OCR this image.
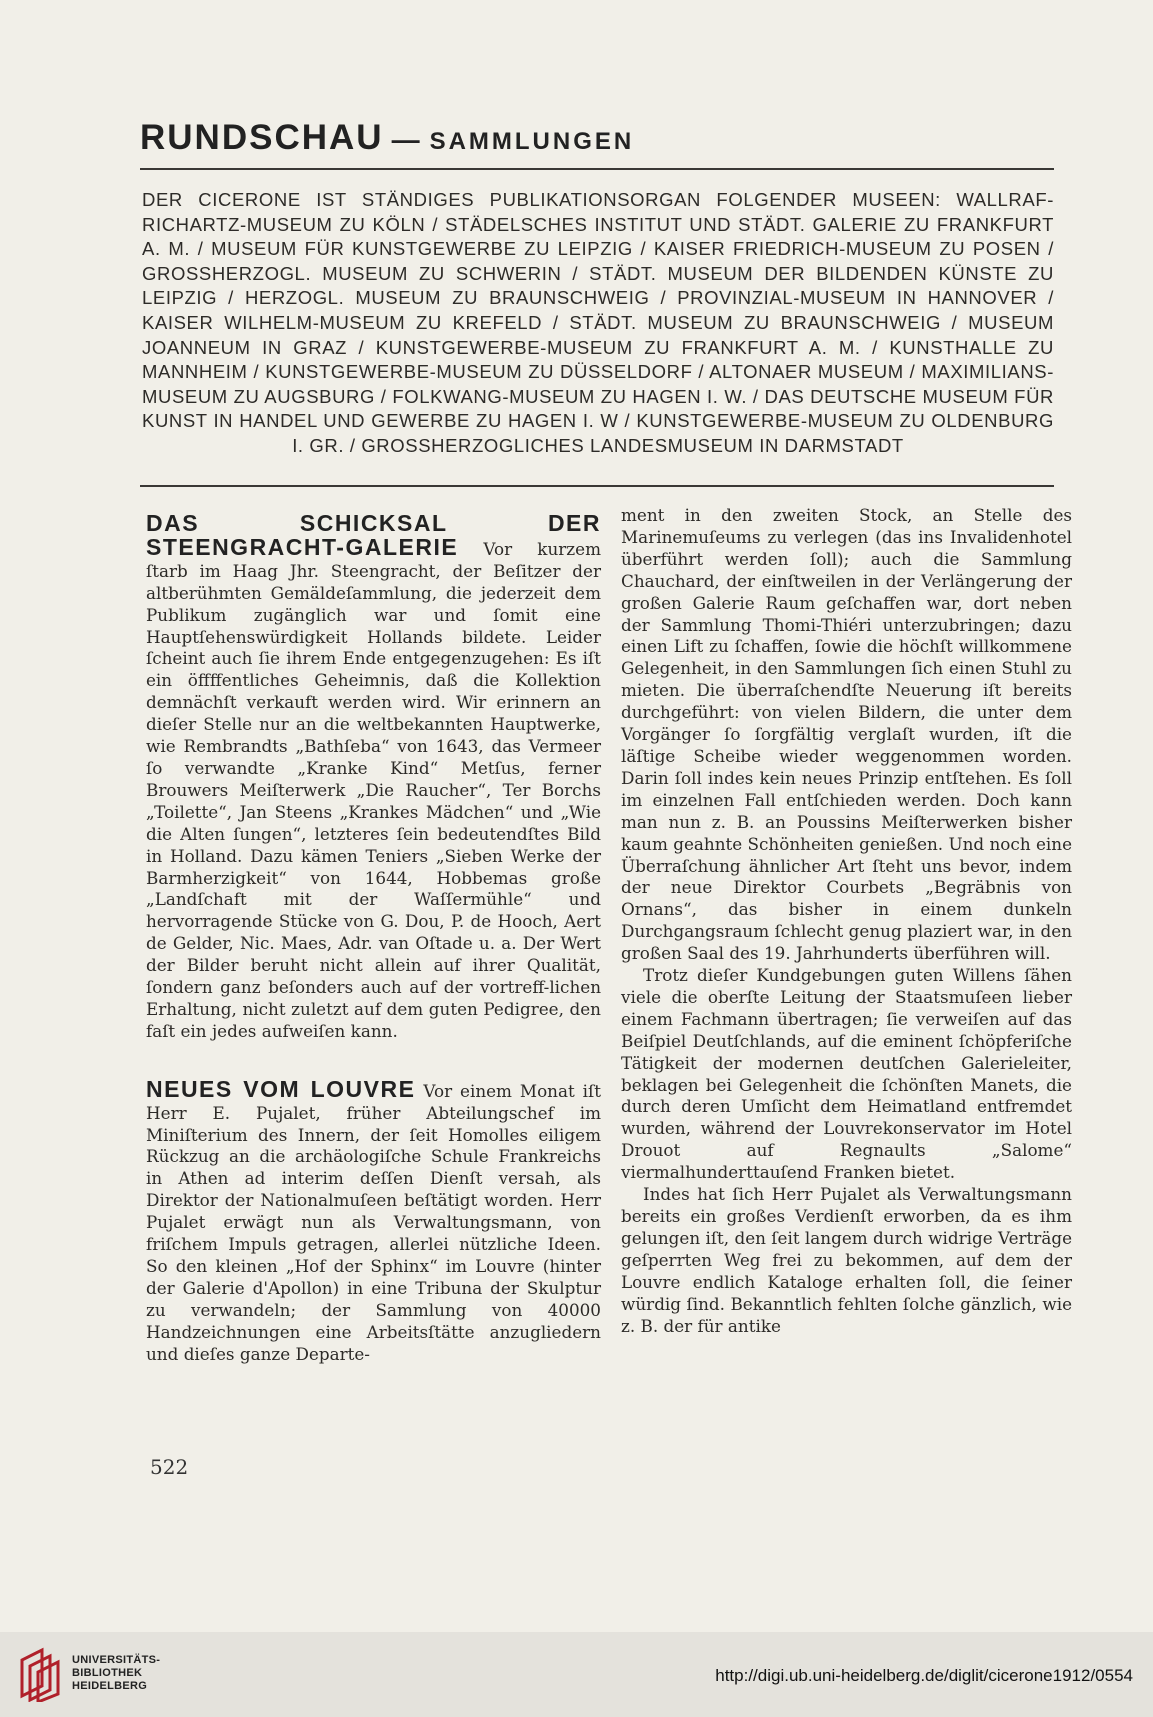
RUNDSCHAU — SAMMLUNGEN
DER CICERONE IST STÄNDIGES PUBLIKATIONSORGAN FOLGENDER MUSEEN: WALLRAF-RICHARTZ-MUSEUM ZU KÖLN / STÄDELSCHES INSTITUT UND STÄDT. GALERIE ZU FRANKFURT A. M. / MUSEUM FÜR KUNSTGEWERBE ZU LEIPZIG / KAISER FRIEDRICH-MUSEUM ZU POSEN / GROSSHERZOGL. MUSEUM ZU SCHWERIN / STÄDT. MUSEUM DER BILDENDEN KÜNSTE ZU LEIPZIG / HERZOGL. MUSEUM ZU BRAUNSCHWEIG / PROVINZIAL-MUSEUM IN HANNOVER / KAISER WILHELM-MUSEUM ZU KREFELD / STÄDT. MUSEUM ZU BRAUNSCHWEIG / MUSEUM JOANNEUM IN GRAZ / KUNSTGEWERBE-MUSEUM ZU FRANKFURT A. M. / KUNSTHALLE ZU MANNHEIM / KUNSTGEWERBE-MUSEUM ZU DÜSSELDORF / ALTONAER MUSEUM / MAXIMILIANS-MUSEUM ZU AUGSBURG / FOLKWANG-MUSEUM ZU HAGEN I. W. / DAS DEUTSCHE MUSEUM FÜR KUNST IN HANDEL UND GEWERBE ZU HAGEN I. W / KUNSTGEWERBE-MUSEUM ZU OLDENBURG I. GR. / GROSSHERZOGLICHES LANDESMUSEUM IN DARMSTADT

DAS SCHICKSAL DER STEENGRACHT-GALERIE Vor kurzem ſtarb im Haag Jhr. Steengracht, der Beſitzer der altberühmten Gemäldeſammlung, die jederzeit dem Publikum zugänglich war und ſomit eine Hauptſehenswürdigkeit Hollands bildete. Leider ſcheint auch ſie ihrem Ende entgegenzugehen: Es iſt ein öffffentliches Geheimnis, daß die Kollektion demnächſt verkauft werden wird. Wir erinnern an dieſer Stelle nur an die weltbekannten Hauptwerke, wie Rembrandts „Bathſeba“ von 1643, das Vermeer ſo verwandte „Kranke Kind“ Metſus, ferner Brouwers Meiſterwerk „Die Raucher“, Ter Borchs „Toilette“, Jan Steens „Krankes Mädchen“ und „Wie die Alten ſungen“, letzteres ſein bedeutendſtes Bild in Holland. Dazu kämen Teniers „Sieben Werke der Barmherzigkeit“ von 1644, Hobbemas große „Landſchaft mit der Waſſermühle“ und hervorragende Stücke von G. Dou, P. de Hooch, Aert de Gelder, Nic. Maes, Adr. van Oſtade u. a. Der Wert der Bilder beruht nicht allein auf ihrer Qualität, ſondern ganz beſonders auch auf der vortreff-lichen Erhaltung, nicht zuletzt auf dem guten Pedigree, den faſt ein jedes aufweiſen kann.

NEUES VOM LOUVRE Vor einem Monat iſt Herr E. Pujalet, früher Abteilungschef im Miniſterium des Innern, der ſeit Homolles eiligem Rückzug an die archäologiſche Schule Frankreichs in Athen ad interim deſſen Dienſt versah, als Direktor der Nationalmuſeen beſtätigt worden. Herr Pujalet erwägt nun als Verwaltungsmann, von friſchem Impuls getragen, allerlei nützliche Ideen. So den kleinen „Hof der Sphinx“ im Louvre (hinter der Galerie d'Apollon) in eine Tribuna der Skulptur zu verwandeln; der Sammlung von 40000 Handzeichnungen eine Arbeitsſtätte anzugliedern und dieſes ganze Departe-

ment in den zweiten Stock, an Stelle des Marinemuſeums zu verlegen (das ins Invalidenhotel überführt werden ſoll); auch die Sammlung Chauchard, der einſtweilen in der Verlängerung der großen Galerie Raum geſchaffen war, dort neben der Sammlung Thomi-Thiéri unterzubringen; dazu einen Lift zu ſchaffen, ſowie die höchſt willkommene Gelegenheit, in den Sammlungen ſich einen Stuhl zu mieten. Die überraſchendſte Neuerung iſt bereits durchgeführt: von vielen Bildern, die unter dem Vorgänger ſo ſorgfältig verglaſt wurden, iſt die läſtige Scheibe wieder weggenommen worden. Darin ſoll indes kein neues Prinzip entſtehen. Es ſoll im einzelnen Fall entſchieden werden. Doch kann man nun z. B. an Poussins Meiſterwerken bisher kaum geahnte Schönheiten genießen. Und noch eine Überraſchung ähnlicher Art ſteht uns bevor, indem der neue Direktor Courbets „Begräbnis von Ornans“, das bisher in einem dunkeln Durchgangsraum ſchlecht genug plaziert war, in den großen Saal des 19. Jahrhunderts überführen will.

Trotz dieſer Kundgebungen guten Willens ſähen viele die oberſte Leitung der Staatsmuſeen lieber einem Fachmann übertragen; ſie verweiſen auf das Beiſpiel Deutſchlands, auf die eminent ſchöpferiſche Tätigkeit der modernen deutſchen Galerieleiter, beklagen bei Gelegenheit die ſchönſten Manets, die durch deren Umſicht dem Heimatland entfremdet wurden, während der Louvrekonservator im Hotel Drouot auf Regnaults „Salome“ viermalhunderttauſend Franken bietet.

Indes hat ſich Herr Pujalet als Verwaltungsmann bereits ein großes Verdienſt erworben, da es ihm gelungen iſt, den ſeit langem durch widrige Verträge geſperrten Weg frei zu bekommen, auf dem der Louvre endlich Kataloge erhalten ſoll, die ſeiner würdig ſind. Bekanntlich fehlten ſolche gänzlich, wie z. B. der für antike

522
UNIVERSITÄTS-
BIBLIOTHEK
HEIDELBERG
http://digi.ub.uni-heidelberg.de/diglit/cicerone1912/0554
